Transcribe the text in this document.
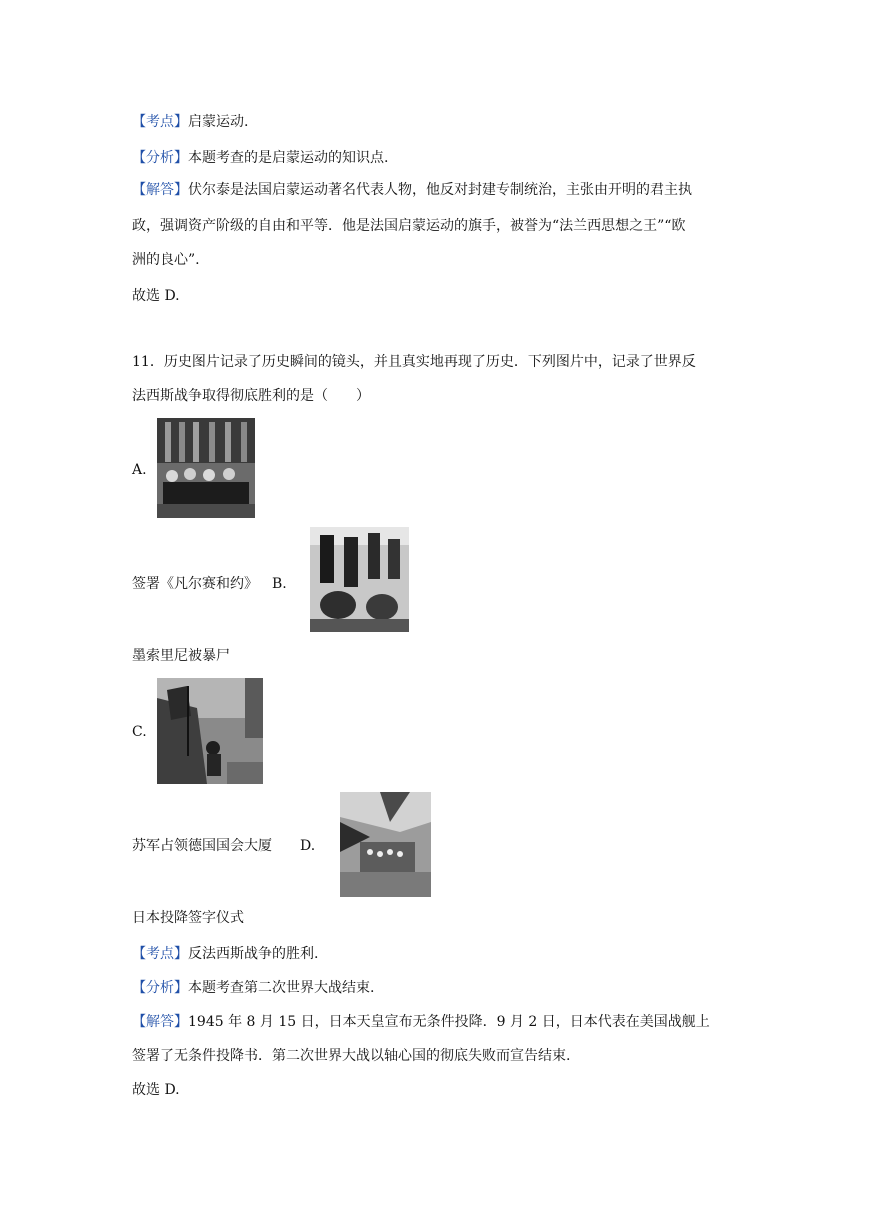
【考点】启蒙运动.
【分析】本题考查的是启蒙运动的知识点.
【解答】伏尔泰是法国启蒙运动著名代表人物，他反对封建专制统治，主张由开明的君主执
政，强调资产阶级的自由和平等．他是法国启蒙运动的旗手，被誉为“法兰西思想之王”“欧
洲的良心”.
故选 D.
11．历史图片记录了历史瞬间的镜头，并且真实地再现了历史．下列图片中，记录了世界反
法西斯战争取得彻底胜利的是（　　）
A.
签署《凡尔赛和约》 B.
墨索里尼被暴尸
C.
苏军占领德国国会大厦 D.
日本投降签字仪式
【考点】反法西斯战争的胜利.
【分析】本题考查第二次世界大战结束.
【解答】1945 年 8 月 15 日，日本天皇宣布无条件投降．9 月 2 日，日本代表在美国战舰上
签署了无条件投降书．第二次世界大战以轴心国的彻底失败而宣告结束.
故选 D.
